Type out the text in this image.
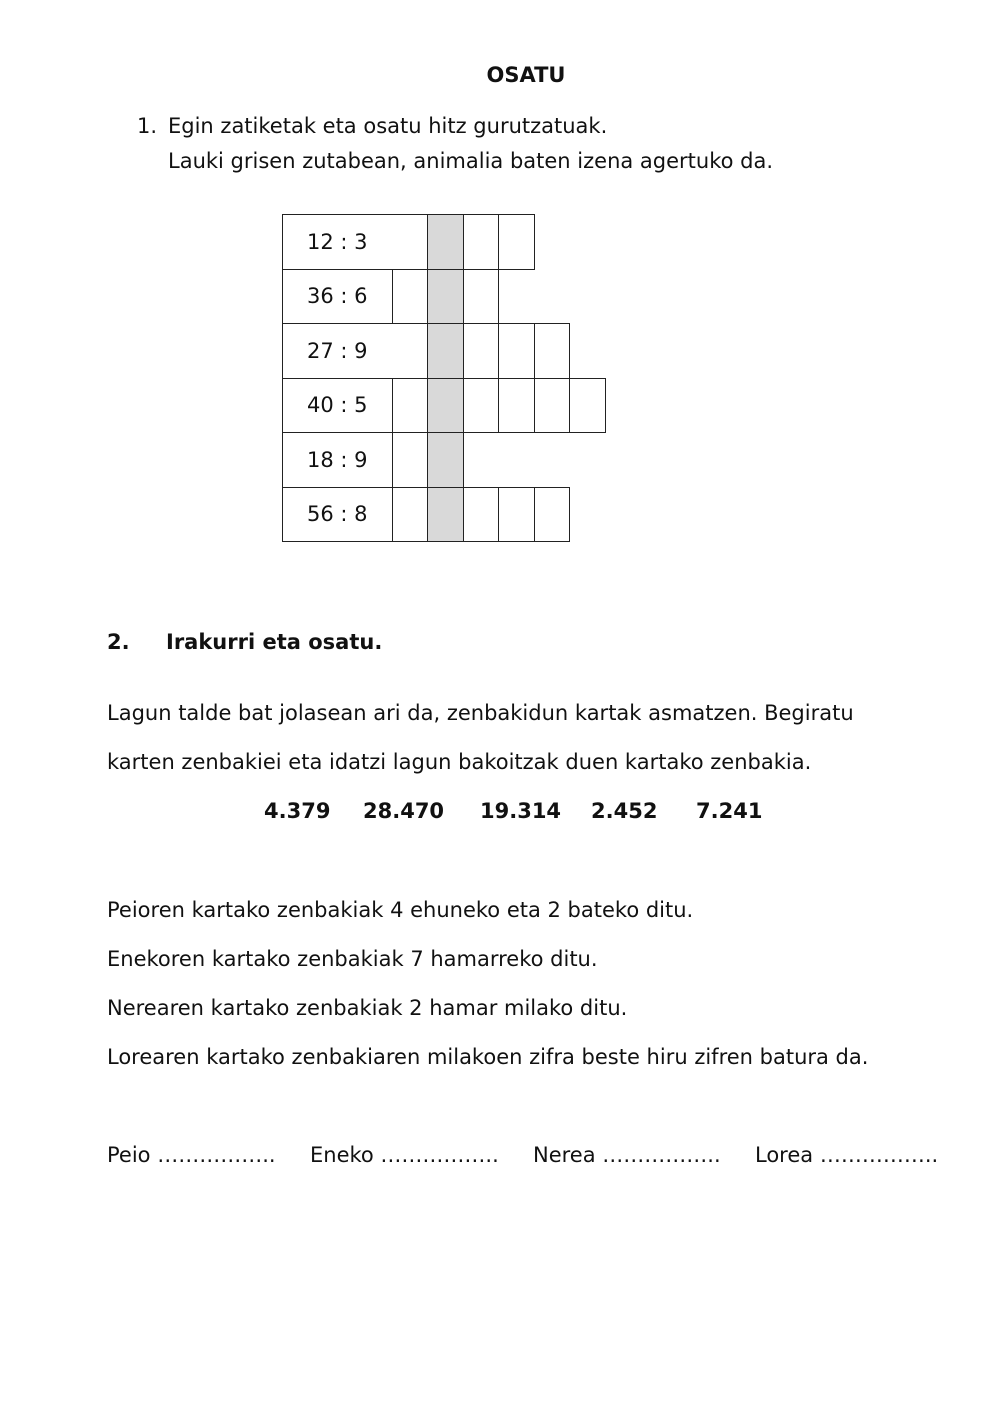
OSATU
1. Egin zatiketak eta osatu hitz gurutzatuak.
Lauki grisen zutabean, animalia baten izena agertuko da.
12 : 3
36 : 6
27 : 9
40 : 5
18 : 9
56 : 8
2. Irakurri eta osatu.
Lagun talde bat jolasean ari da, zenbakidun kartak asmatzen. Begiratu
karten zenbakiei eta idatzi lagun bakoitzak duen kartako zenbakia.
4.379 28.470 19.314 2.452 7.241
Peioren kartako zenbakiak 4 ehuneko eta 2 bateko ditu.
Enekoren kartako zenbakiak 7 hamarreko ditu.
Nerearen kartako zenbakiak 2 hamar milako ditu.
Lorearen kartako zenbakiaren milakoen zifra beste hiru zifren batura da.
Peio …………….. Eneko …………….. Nerea …………….. Lorea ……………..
